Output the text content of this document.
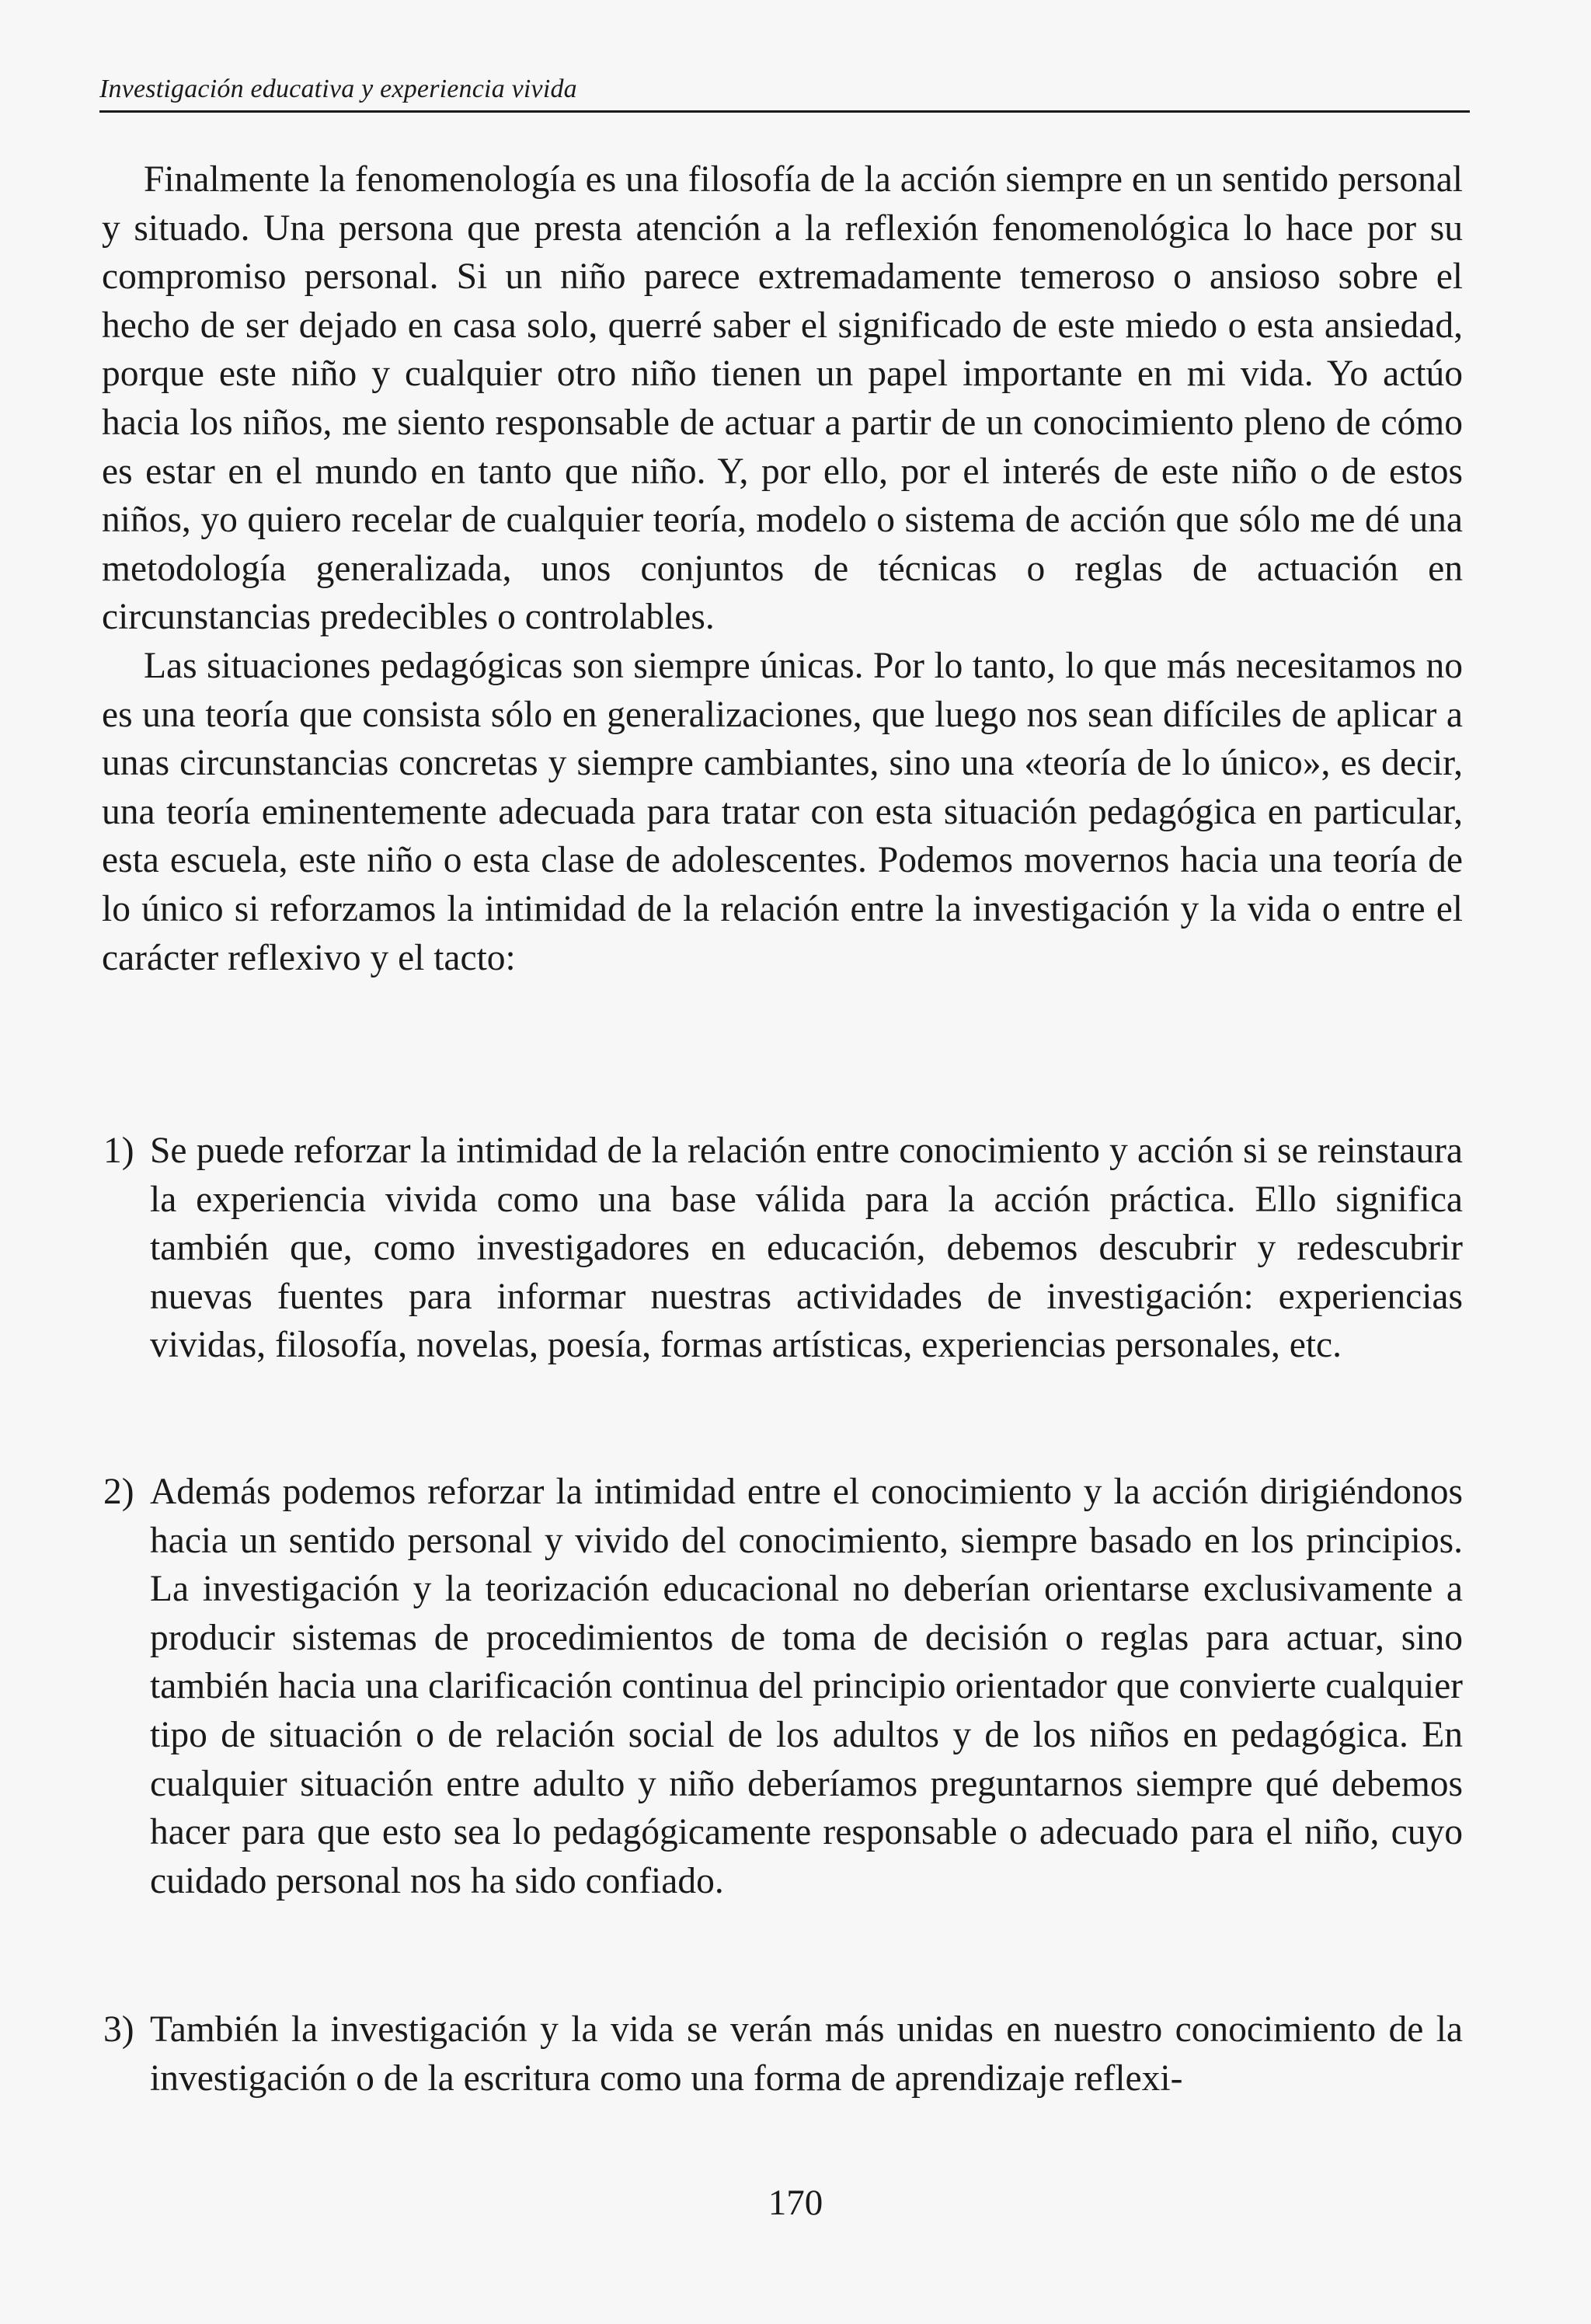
Investigación educativa y experiencia vivida

Finalmente la fenomenología es una filosofía de la acción siempre en un sentido personal y situado. Una persona que presta atención a la reflexión fenomenológica lo hace por su compromiso personal. Si un niño parece extremadamente temeroso o ansioso sobre el hecho de ser dejado en casa solo, querré saber el significado de este miedo o esta ansiedad, porque este niño y cualquier otro niño tienen un papel importante en mi vida. Yo actúo hacia los niños, me siento responsable de actuar a partir de un conocimiento pleno de cómo es estar en el mundo en tanto que niño. Y, por ello, por el interés de este niño o de estos niños, yo quiero recelar de cualquier teoría, modelo o sistema de acción que sólo me dé una metodología generalizada, unos conjuntos de técnicas o reglas de actuación en circunstancias predecibles o controlables.

Las situaciones pedagógicas son siempre únicas. Por lo tanto, lo que más necesitamos no es una teoría que consista sólo en generalizaciones, que luego nos sean difíciles de aplicar a unas circunstancias concretas y siempre cambiantes, sino una «teoría de lo único», es decir, una teoría eminentemente adecuada para tratar con esta situación pedagógica en particular, esta escuela, este niño o esta clase de adolescentes. Podemos movernos hacia una teoría de lo único si reforzamos la intimidad de la relación entre la investigación y la vida o entre el carácter reflexivo y el tacto:

1) Se puede reforzar la intimidad de la relación entre conocimiento y acción si se reinstaura la experiencia vivida como una base válida para la acción práctica. Ello significa también que, como investigadores en educación, debemos descubrir y redescubrir nuevas fuentes para informar nuestras actividades de investigación: experiencias vividas, filosofía, novelas, poesía, formas artísticas, experiencias personales, etc.
2) Además podemos reforzar la intimidad entre el conocimiento y la acción dirigiéndonos hacia un sentido personal y vivido del conocimiento, siempre basado en los principios. La investigación y la teorización educacional no deberían orientarse exclusivamente a producir sistemas de procedimientos de toma de decisión o reglas para actuar, sino también hacia una clarificación continua del principio orientador que convierte cualquier tipo de situación o de relación social de los adultos y de los niños en pedagógica. En cualquier situación entre adulto y niño deberíamos preguntarnos siempre qué debemos hacer para que esto sea lo pedagógicamente responsable o adecuado para el niño, cuyo cuidado personal nos ha sido confiado.
3) También la investigación y la vida se verán más unidas en nuestro conocimiento de la investigación o de la escritura como una forma de aprendizaje reflexi-
170
